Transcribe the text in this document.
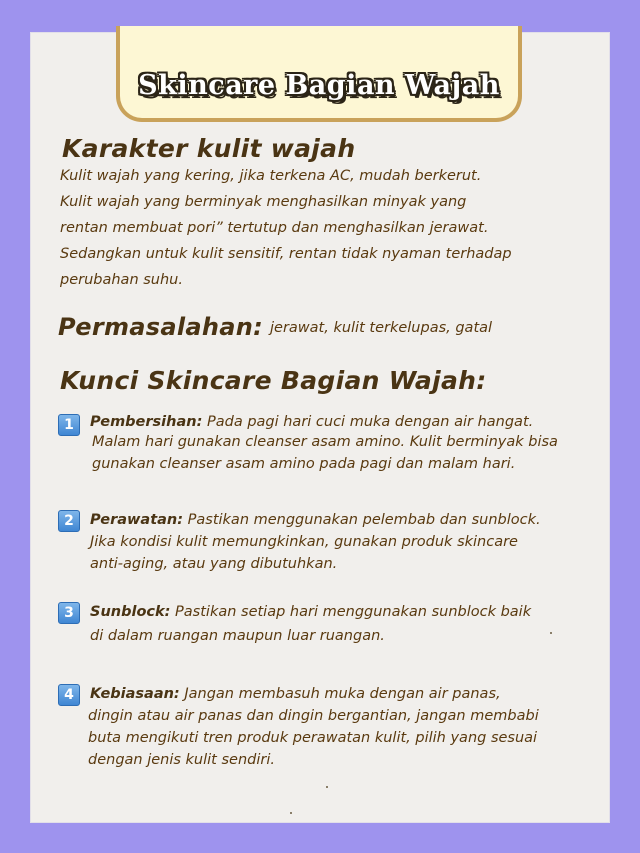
Skincare Bagian Wajah
Karakter kulit wajah
Kulit wajah yang kering, jika terkena AC, mudah berkerut.
Kulit wajah yang berminyak menghasilkan minyak yang
rentan membuat pori” tertutup dan menghasilkan jerawat.
Sedangkan untuk kulit sensitif, rentan tidak nyaman terhadap
perubahan suhu.
Permasalahan: jerawat, kulit terkelupas, gatal
Kunci Skincare Bagian Wajah:
1	Pembersihan: Pada pagi hari cuci muka dengan air hangat.
Malam hari gunakan cleanser asam amino. Kulit berminyak bisa
gunakan cleanser asam amino pada pagi dan malam hari.
2	Perawatan: Pastikan menggunakan pelembab dan sunblock.
Jika kondisi kulit memungkinkan, gunakan produk skincare
anti-aging, atau yang dibutuhkan.
3	Sunblock: Pastikan setiap hari menggunakan sunblock baik
di dalam ruangan maupun luar ruangan.
4	Kebiasaan: Jangan membasuh muka dengan air panas,
dingin atau air panas dan dingin bergantian, jangan membabi
buta mengikuti tren produk perawatan kulit, pilih yang sesuai
dengan jenis kulit sendiri.
